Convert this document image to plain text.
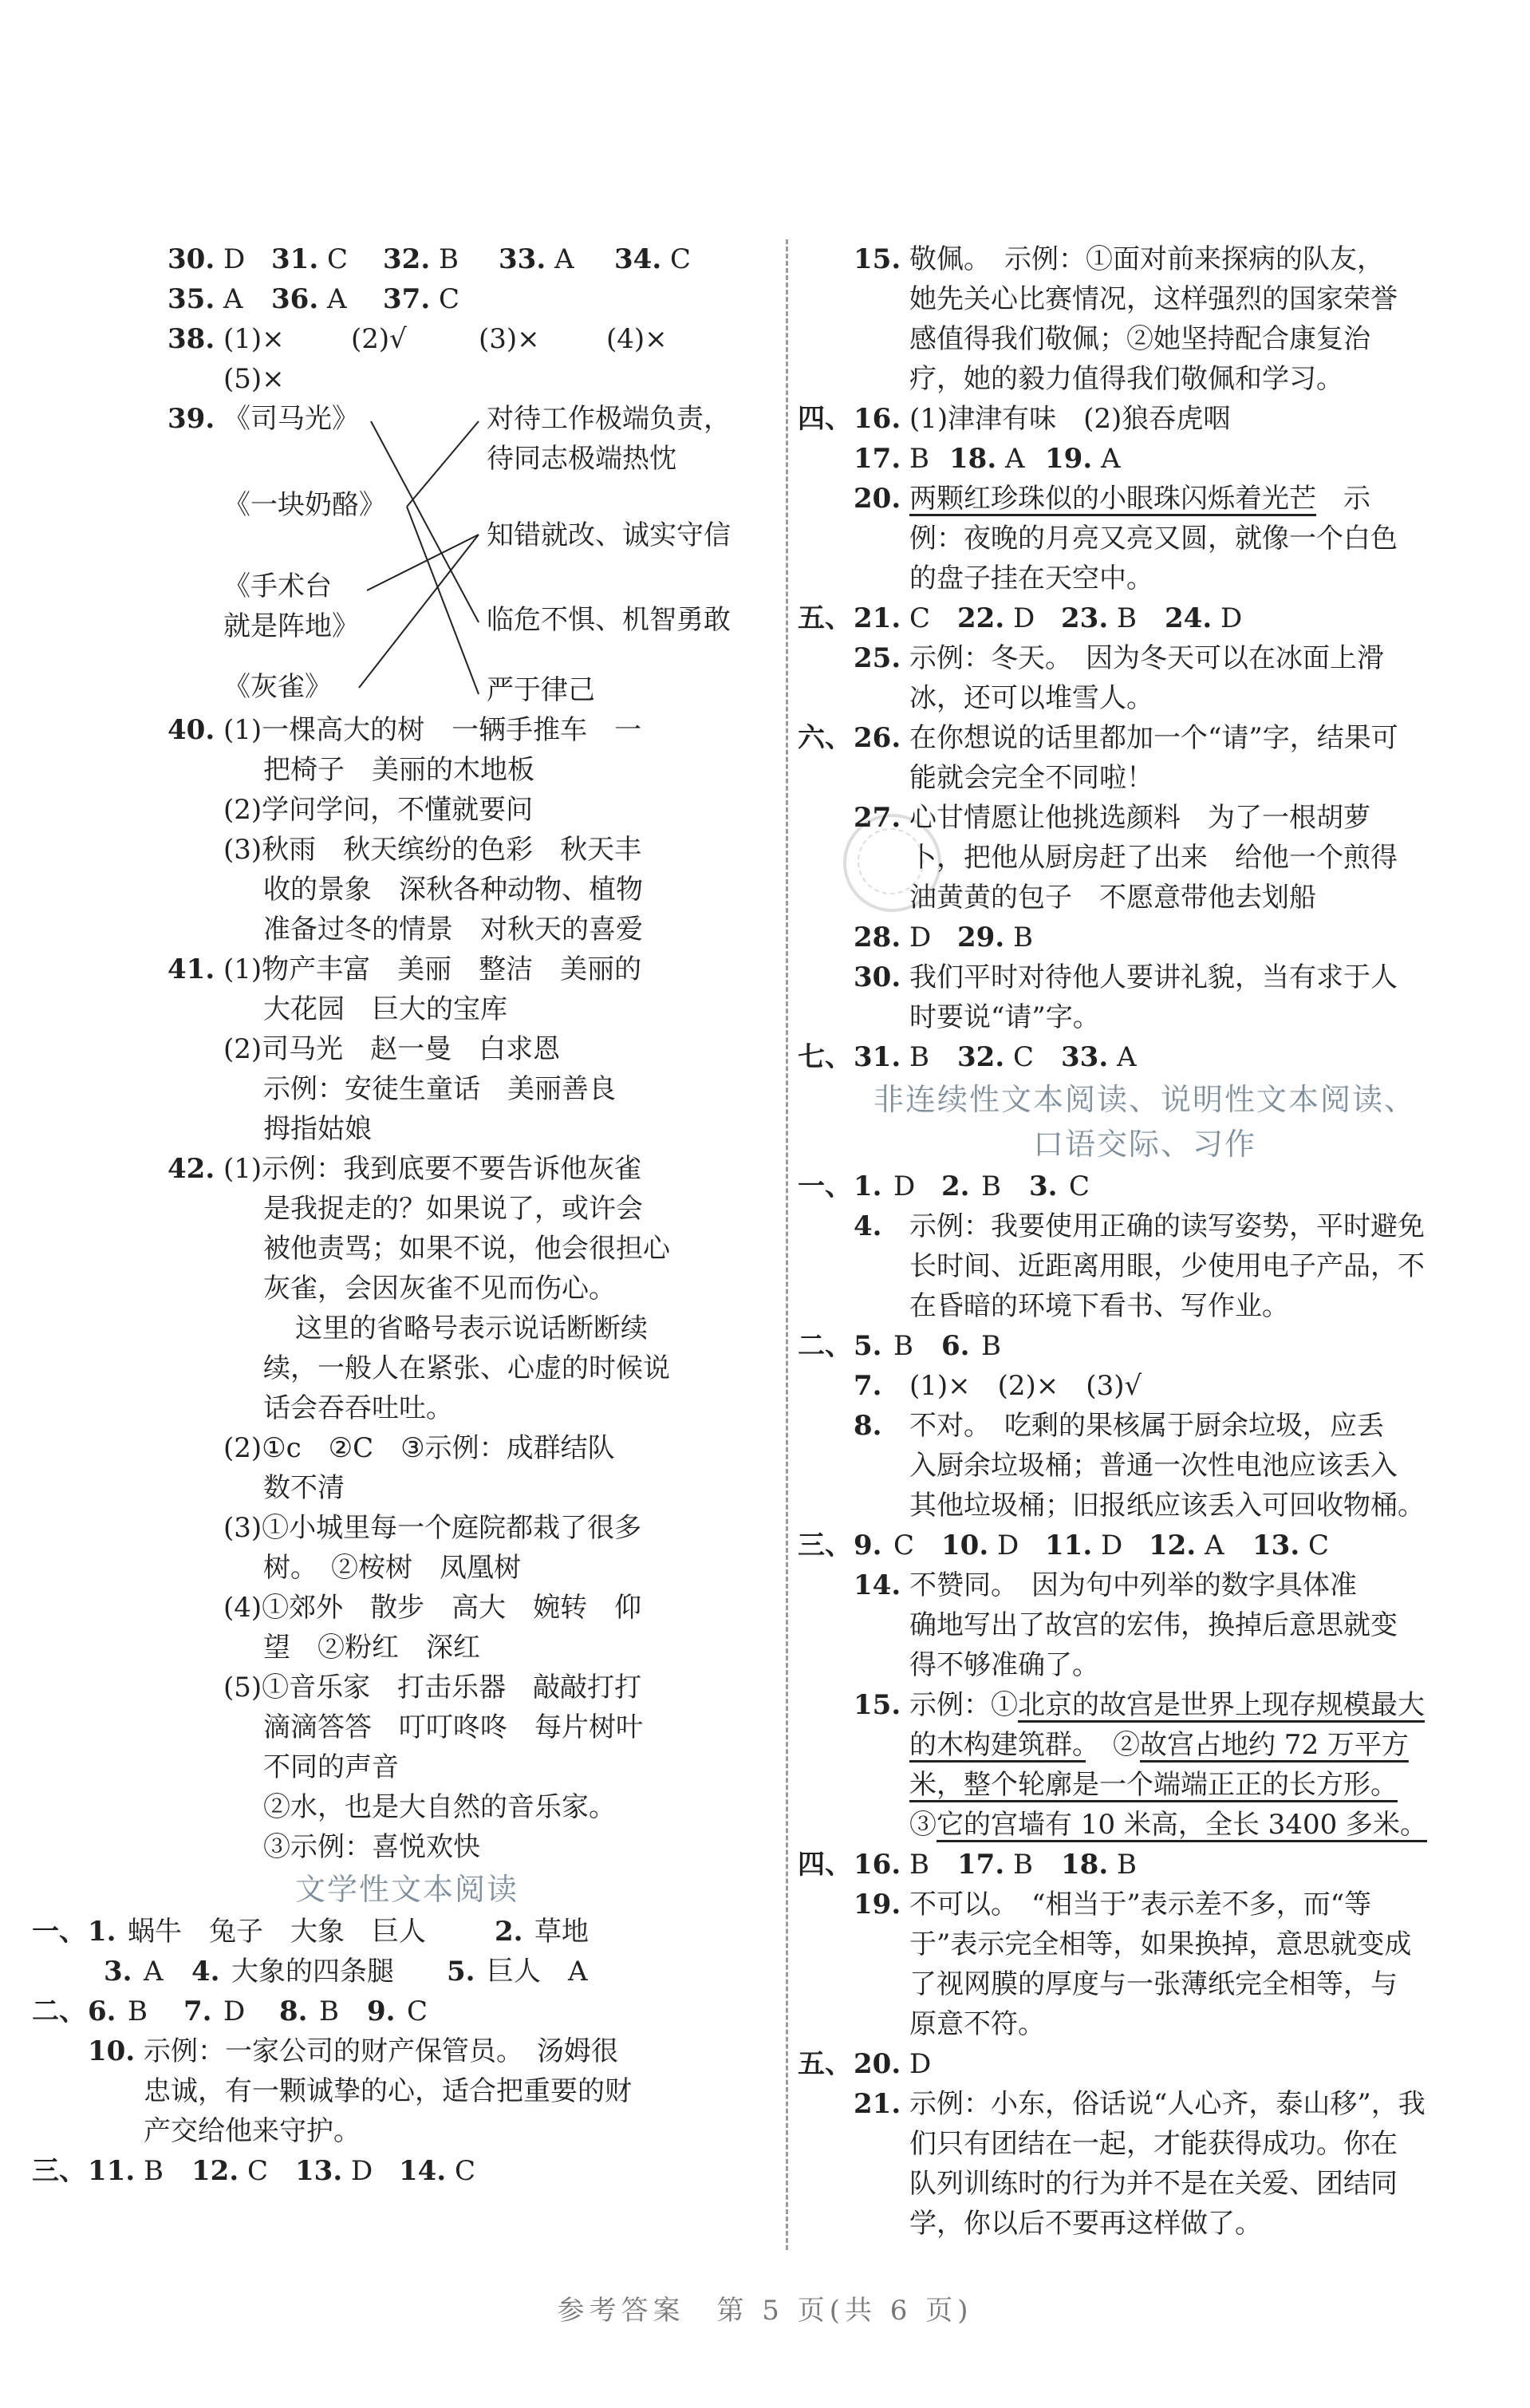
30. D 31. C 32. B 33. A 34. C
35. A 36. A 37. C
38. (1)× (2)√	(3)× (4)×
(5)×
39. 《司马光》
《一块奶酪》
《手术台
就是阵地》
《灰雀》
对待工作极端负责，
待同志极端热忱
知错就改、诚实守信
临危不惧、机智勇敢
严于律己
40. (1)一棵高大的树　一辆手推车　一
把椅子　美丽的木地板
(2)学问学问，不懂就要问
(3)秋雨　秋天缤纷的色彩　秋天丰
收的景象　深秋各种动物、植物
准备过冬的情景　对秋天的喜爱
41. (1)物产丰富　美丽　整洁　美丽的
大花园　巨大的宝库
(2)司马光　赵一曼　白求恩
示例：安徒生童话　美丽善良
拇指姑娘
42. (1)示例：我到底要不要告诉他灰雀
是我捉走的？如果说了，或许会
被他责骂；如果不说，他会很担心
灰雀，会因灰雀不见而伤心。
这里的省略号表示说话断断续
续，一般人在紧张、心虚的时候说
话会吞吞吐吐。
(2)①c　②C　③示例：成群结队
数不清
(3)①小城里每一个庭院都栽了很多
树。　②桉树　凤凰树
(4)①郊外　散步　高大　婉转　仰
望　②粉红　深红
(5)①音乐家　打击乐器　敲敲打打
滴滴答答　叮叮咚咚　每片树叶
不同的声音
②水，也是大自然的音乐家。
③示例：喜悦欢快
文学性文本阅读
一、 1. 蜗牛　兔子　大象　巨人	2. 草地
3. A 4. 大象的四条腿 5. 巨人　A
二、 6. B 7. D 8. B 9. C
10. 示例：一家公司的财产保管员。　汤姆很
忠诚，有一颗诚挚的心，适合把重要的财
产交给他来守护。
三、 11. B 12. C 13. D 14. C
15. 敬佩。　示例：①面对前来探病的队友，
她先关心比赛情况，这样强烈的国家荣誉
感值得我们敬佩；②她坚持配合康复治
疗，她的毅力值得我们敬佩和学习。
四、 16. (1)津津有味　(2)狼吞虎咽
17. B 18. A 19. A
20. 两颗红珍珠似的小眼珠闪烁着光芒　示
例：夜晚的月亮又亮又圆，就像一个白色
的盘子挂在天空中。
五、 21. C 22. D 23. B 24. D
25. 示例：冬天。　因为冬天可以在冰面上滑
冰，还可以堆雪人。
六、 26. 在你想说的话里都加一个“请”字，结果可
能就会完全不同啦！
27. 心甘情愿让他挑选颜料　为了一根胡萝
卜，把他从厨房赶了出来　给他一个煎得
油黄黄的包子　不愿意带他去划船
28. D 29. B
30. 我们平时对待他人要讲礼貌，当有求于人
时要说“请”字。
七、 31. B 32. C 33. A
非连续性文本阅读、说明性文本阅读、
口语交际、习作
一、 1. D 2. B 3. C
4. 示例：我要使用正确的读写姿势，平时避免
长时间、近距离用眼，少使用电子产品，不
在昏暗的环境下看书、写作业。
二、 5. B 6. B
7. (1)×　(2)×　(3)√
8. 不对。　吃剩的果核属于厨余垃圾，应丢
入厨余垃圾桶；普通一次性电池应该丢入
其他垃圾桶；旧报纸应该丢入可回收物桶。
三、 9. C 10. D 11. D 12. A 13. C
14. 不赞同。　因为句中列举的数字具体准
确地写出了故宫的宏伟，换掉后意思就变
得不够准确了。
15. 示例：①北京的故宫是世界上现存规模最大
的木构建筑群。　②故宫占地约 72 万平方
米，整个轮廓是一个端端正正的长方形。
③它的宫墙有 10 米高，全长 3400 多米。
四、 16. B 17. B 18. B
19. 不可以。　“相当于”表示差不多，而“等
于”表示完全相等，如果换掉，意思就变成
了视网膜的厚度与一张薄纸完全相等，与
原意不符。
五、 20. D
21. 示例：小东，俗话说“人心齐，泰山移”，我
们只有团结在一起，才能获得成功。你在
队列训练时的行为并不是在关爱、团结同
学，你以后不要再这样做了。
参考答案　第 5 页(共 6 页)
